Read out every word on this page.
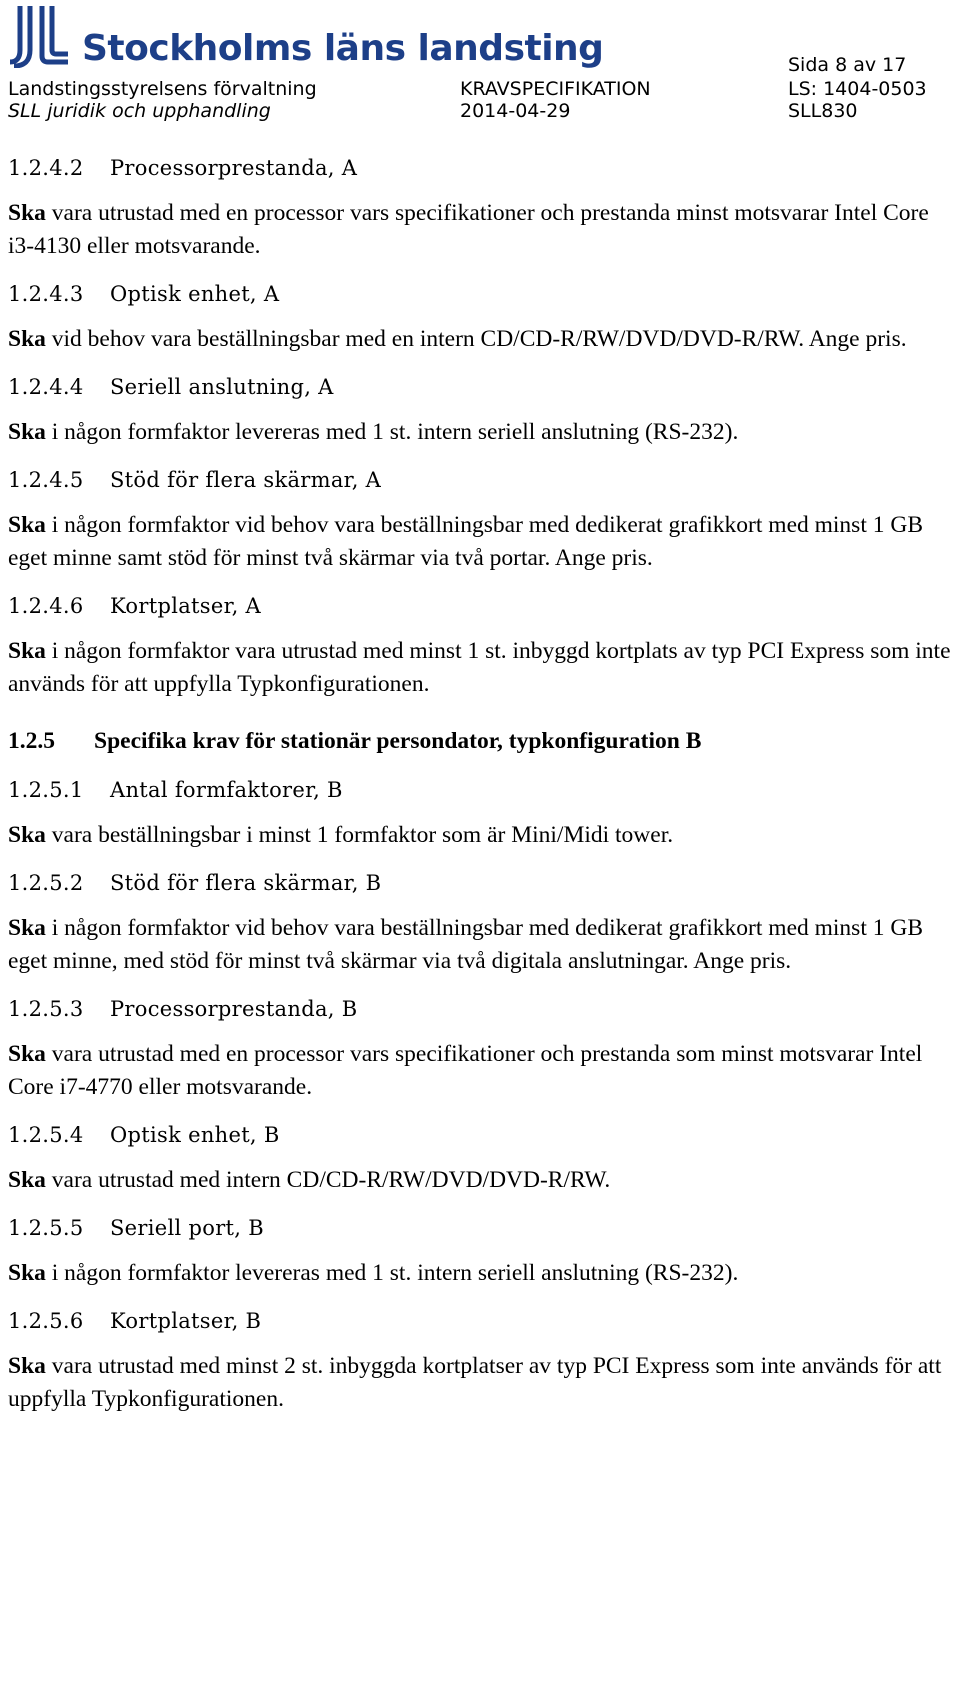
Stockholms läns landsting	Sida 8 av 17
Landstingsstyrelsens förvaltning
SLL juridik och upphandling
KRAVSPECIFIKATION
2014-04-29
LS: 1404-0503
SLL830
1.2.4.2 Processorprestanda, A
Ska vara utrustad med en processor vars specifikationer och prestanda minst motsvarar Intel Core i3-4130 eller motsvarande.
1.2.4.3 Optisk enhet, A
Ska vid behov vara beställningsbar med en intern CD/CD-R/RW/DVD/DVD-R/RW. Ange pris.
1.2.4.4 Seriell anslutning, A
Ska i någon formfaktor levereras med 1 st. intern seriell anslutning (RS-232).
1.2.4.5 Stöd för flera skärmar, A
Ska i någon formfaktor vid behov vara beställningsbar med dedikerat grafikkort med minst 1 GB eget minne samt stöd för minst två skärmar via två portar. Ange pris.
1.2.4.6 Kortplatser, A
Ska i någon formfaktor vara utrustad med minst 1 st. inbyggd kortplats av typ PCI Express som inte används för att uppfylla Typkonfigurationen.
1.2.5 Specifika krav för stationär persondator, typkonfiguration B
1.2.5.1 Antal formfaktorer, B
Ska vara beställningsbar i minst 1 formfaktor som är Mini/Midi tower.
1.2.5.2 Stöd för flera skärmar, B
Ska i någon formfaktor vid behov vara beställningsbar med dedikerat grafikkort med minst 1 GB eget minne, med stöd för minst två skärmar via två digitala anslutningar. Ange pris.
1.2.5.3 Processorprestanda, B
Ska vara utrustad med en processor vars specifikationer och prestanda som minst motsvarar Intel Core i7-4770 eller motsvarande.
1.2.5.4 Optisk enhet, B
Ska vara utrustad med intern CD/CD-R/RW/DVD/DVD-R/RW.
1.2.5.5 Seriell port, B
Ska i någon formfaktor levereras med 1 st. intern seriell anslutning (RS-232).
1.2.5.6 Kortplatser, B
Ska vara utrustad med minst 2 st. inbyggda kortplatser av typ PCI Express som inte används för att uppfylla Typkonfigurationen.
